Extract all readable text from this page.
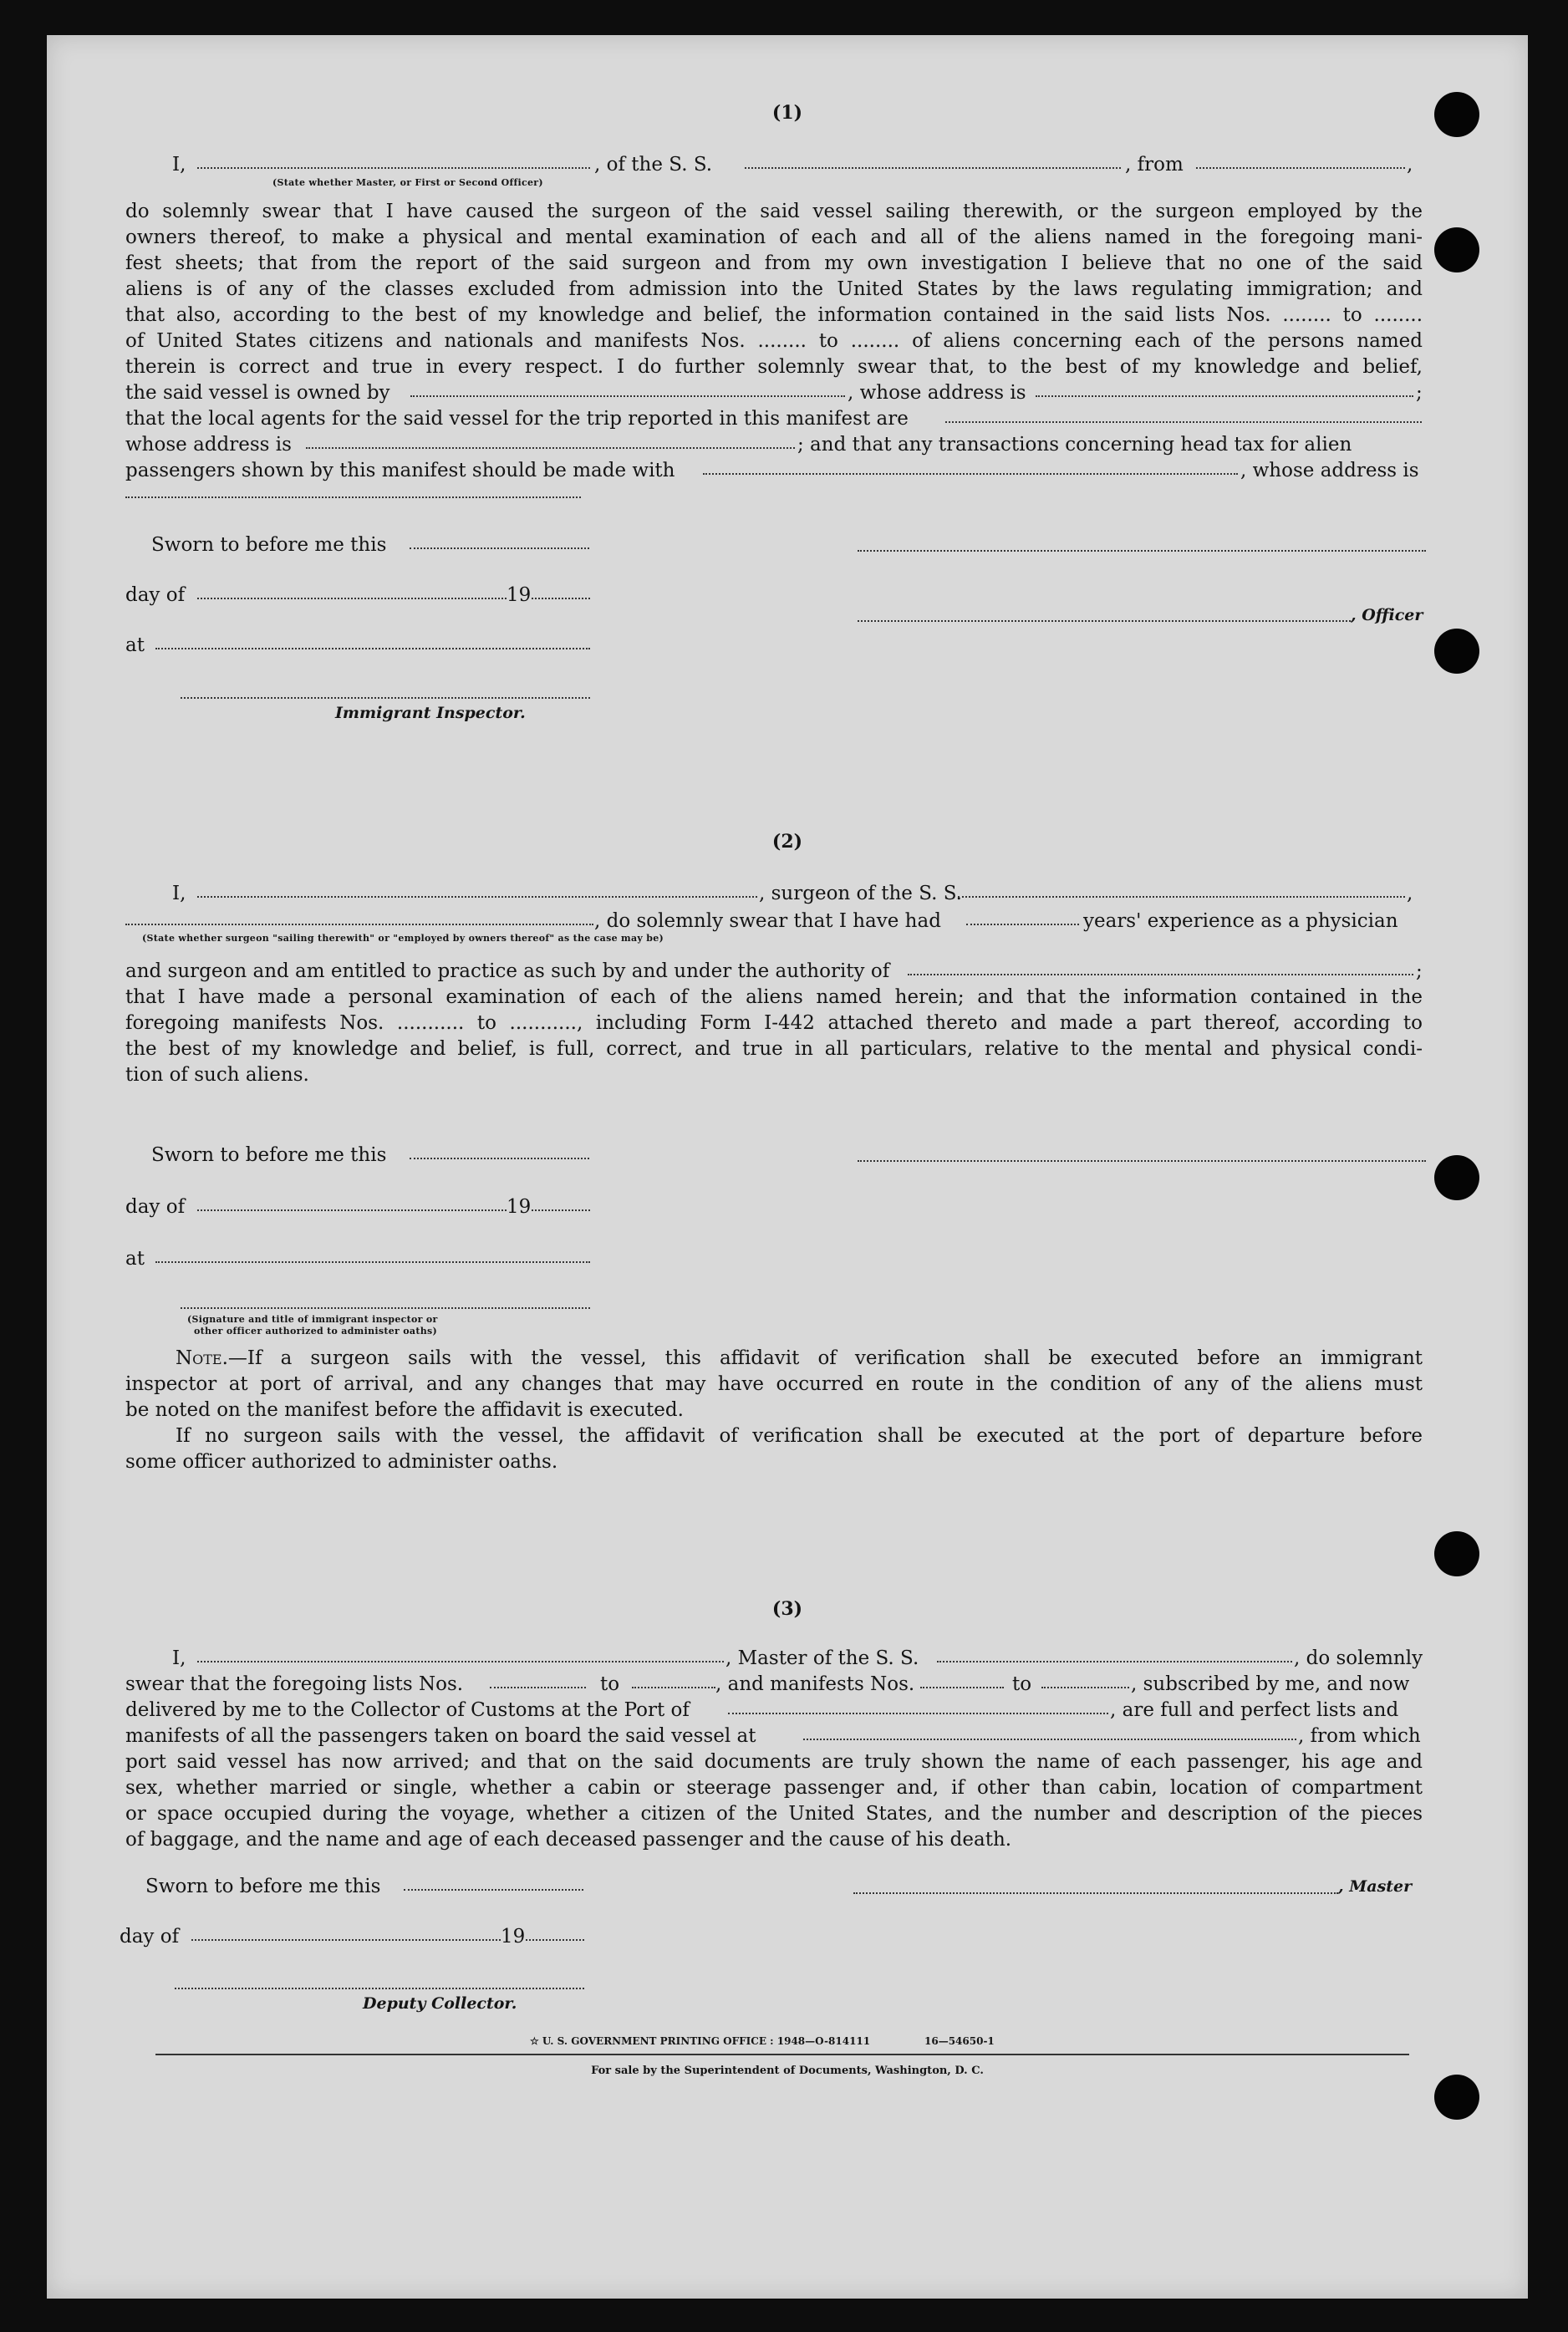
(1)
I,	, of the S. S.	, from	,
(State whether Master, or First or Second Officer)

do solemnly swear that I have caused the surgeon of the said vessel sailing therewith, or the surgeon employed by the

owners thereof, to make a physical and mental examination of each and all of the aliens named in the foregoing mani-

fest sheets; that from the report of the said surgeon and from my own investigation I believe that no one of the said

aliens is of any of the classes excluded from admission into the United States by the laws regulating immigration; and

that also, according to the best of my knowledge and belief, the information contained in the said lists Nos. ........ to ........

of United States citizens and nationals and manifests Nos. ........ to ........ of aliens concerning each of the persons named

therein is correct and true in every respect. I do further solemnly swear that, to the best of my knowledge and belief,

the said vessel is owned by	, whose address is	;
that the local agents for the said vessel for the trip reported in this manifest are
whose address is	; and that any transactions concerning head tax for alien
passengers shown by this manifest should be made with	, whose address is
Sworn to before me this
day of	19
, Officer
at
Immigrant Inspector.
(2)
I,	, surgeon of the S. S.	,
, do solemnly swear that I have had	years' experience as a physician
(State whether surgeon "sailing therewith" or "employed by owners thereof" as the case may be)
and surgeon and am entitled to practice as such by and under the authority of	;

that I have made a personal examination of each of the aliens named herein; and that the information contained in the

foregoing manifests Nos. ........... to ..........., including Form I-442 attached thereto and made a part thereof, according to

the best of my knowledge and belief, is full, correct, and true in all particulars, relative to the mental and physical condi-

tion of such aliens.

Sworn to before me this
day of	19
at
(Signature and title of immigrant inspector or
other officer authorized to administer oaths)

Note.—If a surgeon sails with the vessel, this affidavit of verification shall be executed before an immigrant

inspector at port of arrival, and any changes that may have occurred en route in the condition of any of the aliens must

be noted on the manifest before the affidavit is executed.

If no surgeon sails with the vessel, the affidavit of verification shall be executed at the port of departure before

some officer authorized to administer oaths.

(3)
I,	, Master of the S. S.	, do solemnly
swear that the foregoing lists Nos.	to	, and manifests Nos.	to	, subscribed by me, and now
delivered by me to the Collector of Customs at the Port of	, are full and perfect lists and
manifests of all the passengers taken on board the said vessel at	, from which

port said vessel has now arrived; and that on the said documents are truly shown the name of each passenger, his age and

sex, whether married or single, whether a cabin or steerage passenger and, if other than cabin, location of compartment

or space occupied during the voyage, whether a citizen of the United States, and the number and description of the pieces

of baggage, and the name and age of each deceased passenger and the cause of his death.

Sworn to before me this	, Master
day of	19
Deputy Collector.
☆ U. S. GOVERNMENT PRINTING OFFICE : 1948—O-814111	16—54650-1
For sale by the Superintendent of Documents, Washington, D. C.
